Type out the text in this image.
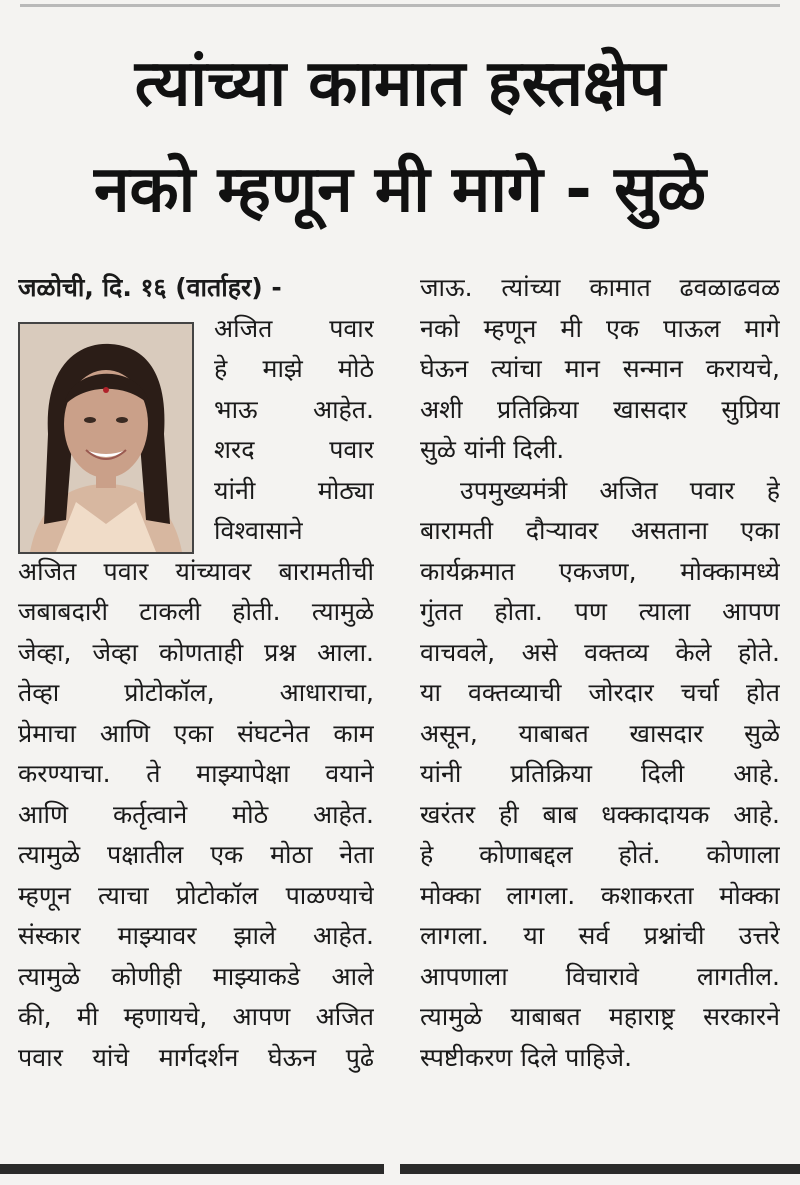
त्यांच्या कामात हस्तक्षेप
नको म्हणून मी मागे - सुळे
जळोची, दि. १६ (वार्ताहर) -
अजित पवार
हे माझे मोठे
भाऊ आहेत.
शरद पवार
यांनी मोठ्या
विश्वासाने
अजित पवार यांच्यावर बारामतीची
जबाबदारी टाकली होती. त्यामुळे
जेव्हा, जेव्हा कोणताही प्रश्न आला.
तेव्हा प्रोटोकॉल, आधाराचा,
प्रेमाचा आणि एका संघटनेत काम
करण्याचा. ते माझ्यापेक्षा वयाने
आणि कर्तृत्वाने मोठे आहेत.
त्यामुळे पक्षातील एक मोठा नेता
म्हणून त्याचा प्रोटोकॉल पाळण्याचे
संस्कार माझ्यावर झाले आहेत.
त्यामुळे कोणीही माझ्याकडे आले
की, मी म्हणायचे, आपण अजित
पवार यांचे मार्गदर्शन घेऊन पुढे
जाऊ. त्यांच्या कामात ढवळाढवळ
नको म्हणून मी एक पाऊल मागे
घेऊन त्यांचा मान सन्मान करायचे,
अशी प्रतिक्रिया खासदार सुप्रिया
सुळे यांनी दिली.
उपमुख्यमंत्री अजित पवार हे
बारामती दौऱ्यावर असताना एका
कार्यक्रमात एकजण, मोक्कामध्ये
गुंतत होता. पण त्याला आपण
वाचवले, असे वक्तव्य केले होते.
या वक्तव्याची जोरदार चर्चा होत
असून, याबाबत खासदार सुळे
यांनी प्रतिक्रिया दिली आहे.
खरंतर ही बाब धक्कादायक आहे.
हे कोणाबद्दल होतं. कोणाला
मोक्का लागला. कशाकरता मोक्का
लागला. या सर्व प्रश्नांची उत्तरे
आपणाला विचारावे लागतील.
त्यामुळे याबाबत महाराष्ट्र सरकारने
स्पष्टीकरण दिले पाहिजे.
